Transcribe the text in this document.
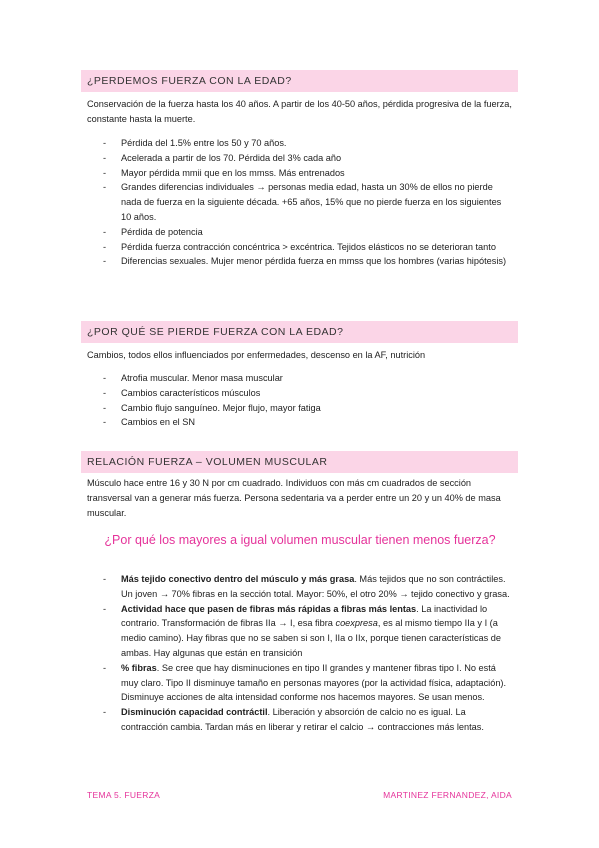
¿PERDEMOS FUERZA CON LA EDAD?

Conservación de la fuerza hasta los 40 años. A partir de los 40-50 años, pérdida progresiva de la fuerza, constante hasta la muerte.

- Pérdida del 1.5% entre los 50 y 70 años.
- Acelerada a partir de los 70. Pérdida del 3% cada año
- Mayor pérdida mmii que en los mmss. Más entrenados
- Grandes diferencias individuales → personas media edad, hasta un 30% de ellos no pierde nada de fuerza en la siguiente década. +65 años, 15% que no pierde fuerza en los siguientes 10 años.
- Pérdida de potencia
- Pérdida fuerza contracción concéntrica > excéntrica. Tejidos elásticos no se deterioran tanto
- Diferencias sexuales. Mujer menor pérdida fuerza en mmss que los hombres (varias hipótesis)
¿POR QUÉ SE PIERDE FUERZA CON LA EDAD?

Cambios, todos ellos influenciados por enfermedades, descenso en la AF, nutrición

- Atrofia muscular. Menor masa muscular
- Cambios característicos músculos
- Cambio flujo sanguíneo. Mejor flujo, mayor fatiga
- Cambios en el SN
RELACIÓN FUERZA – VOLUMEN MUSCULAR

Músculo hace entre 16 y 30 N por cm cuadrado. Individuos con más cm cuadrados de sección transversal van a generar más fuerza. Persona sedentaria va a perder entre un 20 y un 40% de masa muscular.

¿Por qué los mayores a igual volumen muscular tienen menos fuerza?
- Más tejido conectivo dentro del músculo y más grasa. Más tejidos que no son contráctiles. Un joven → 70% fibras en la sección total. Mayor: 50%, el otro 20% → tejido conectivo y grasa.
- Actividad hace que pasen de fibras más rápidas a fibras más lentas. La inactividad lo contrario. Transformación de fibras IIa → I, esa fibra coexpresa, es al mismo tiempo IIa y I (a medio camino). Hay fibras que no se saben si son I, IIa o IIx, porque tienen características de ambas. Hay algunas que están en transición
- % fibras. Se cree que hay disminuciones en tipo II grandes y mantener fibras tipo I. No está muy claro. Tipo II disminuye tamaño en personas mayores (por la actividad física, adaptación). Disminuye acciones de alta intensidad conforme nos hacemos mayores. Se usan menos.
- Disminución capacidad contráctil. Liberación y absorción de calcio no es igual. La contracción cambia. Tardan más en liberar y retirar el calcio → contracciones más lentas.
TEMA 5. FUERZA	MARTINEZ FERNANDEZ, AIDA
